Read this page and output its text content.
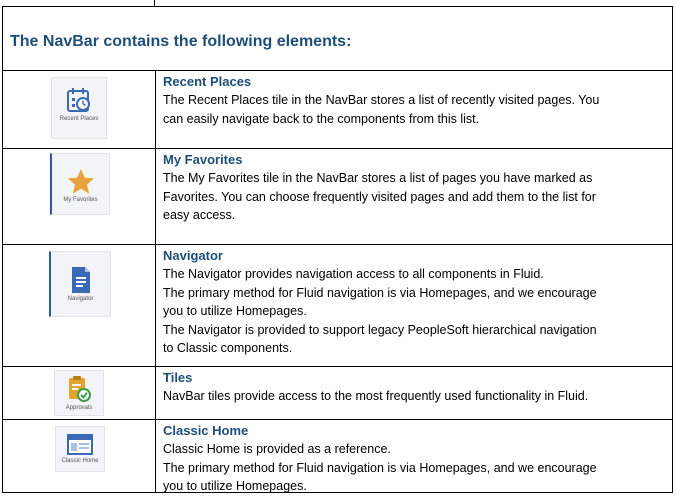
The NavBar contains the following elements:
Recent Places
Recent Places
The Recent Places tile in the NavBar stores a list of recently visited pages. You
can easily navigate back to the components from this list.
My Favorites
My Favorites
The My Favorites tile in the NavBar stores a list of pages you have marked as
Favorites. You can choose frequently visited pages and add them to the list for
easy access.
Navigator
Navigator
The Navigator provides navigation access to all components in Fluid.
The primary method for Fluid navigation is via Homepages, and we encourage
you to utilize Homepages.
The Navigator is provided to support legacy PeopleSoft hierarchical navigation
to Classic components.
Approvals
Tiles
NavBar tiles provide access to the most frequently used functionality in Fluid.
Classic Home
Classic Home
Classic Home is provided as a reference.
The primary method for Fluid navigation is via Homepages, and we encourage
you to utilize Homepages.
